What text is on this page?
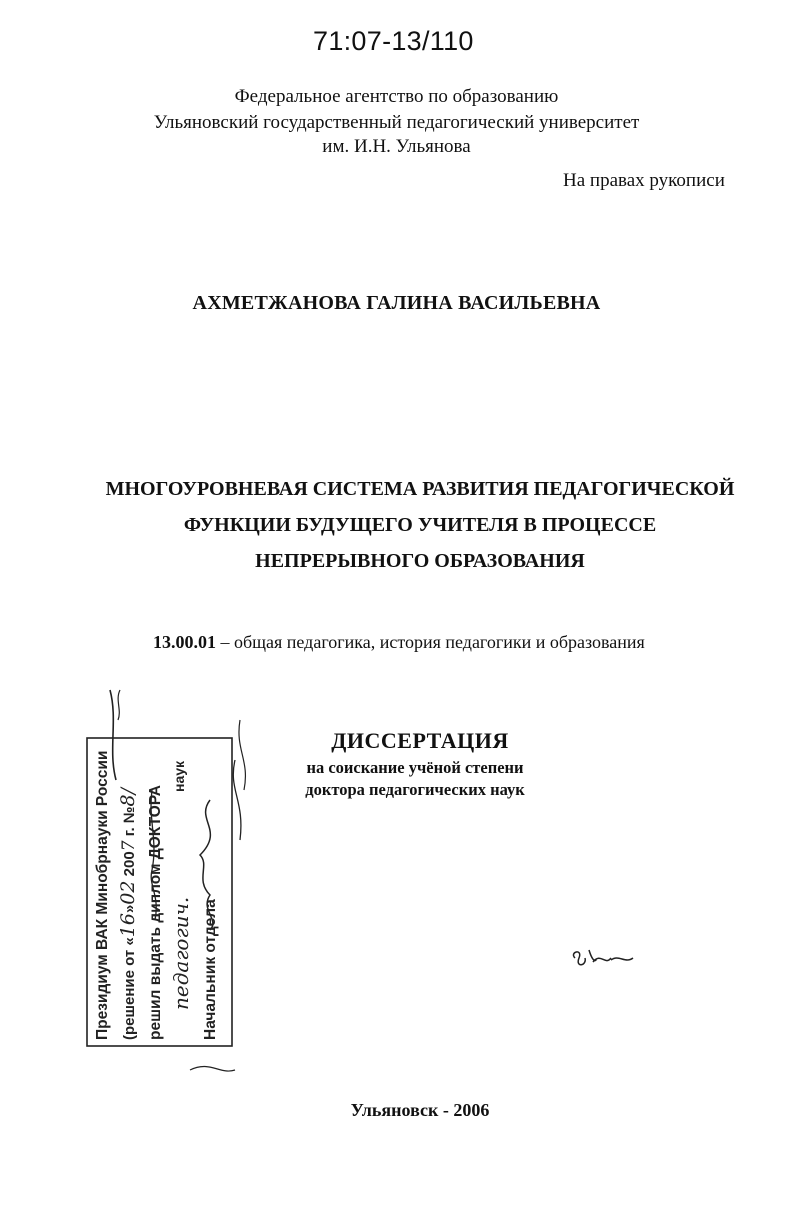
71:07-13/110
Федеральное агентство по образованию
Ульяновский государственный педагогический университет
им. И.Н. Ульянова
На правах рукописи
АХМЕТЖАНОВА ГАЛИНА ВАСИЛЬЕВНА
МНОГОУРОВНЕВАЯ СИСТЕМА РАЗВИТИЯ ПЕДАГОГИЧЕСКОЙ
ФУНКЦИИ БУДУЩЕГО УЧИТЕЛЯ В ПРОЦЕССЕ
НЕПРЕРЫВНОГО ОБРАЗОВАНИЯ
13.00.01 – общая педагогика, история педагогики и образования
ДИССЕРТАЦИЯ
на соискание учёной степени
доктора педагогических наук
Президиум ВАК Минобрнауки России (решение от «16»02 2007 г. №8/ решил выдать диплом ДОКТОРА педагогич.
наук
Начальник отдела
Ульяновск - 2006
